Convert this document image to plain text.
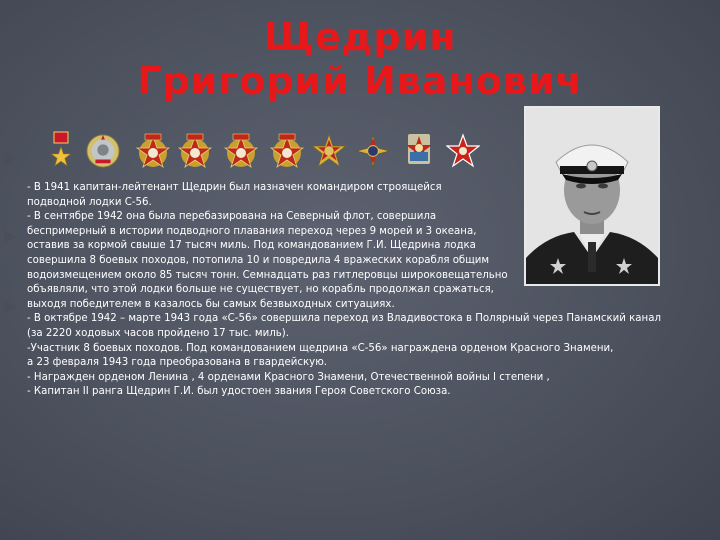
Щедрин
Григорий Иванович

- В 1941 капитан-лейтенант Щедрин был назначен командиром строящейся

подводной лодки С-56.

- В сентябре 1942 она была перебазирована на Северный флот, совершила

беспримерный в истории подводного плавания переход через 9 морей и 3 океана,

оставив за кормой свыше 17 тысяч миль. Под командованием Г.И. Щедрина лодка

совершила 8 боевых походов, потопила 10 и повредила 4 вражеских корабля общим

водоизмещением около 85 тысяч тонн. Семнадцать раз гитлеровцы широковещательно

объявляли, что этой лодки больше не существует, но корабль продолжал сражаться,

выходя победителем в казалось бы самых безвыходных ситуациях.

- В октябре 1942 – марте 1943 года «С-56» совершила переход из Владивостока в Полярный через Панамский канал

(за 2220 ходовых часов пройдено 17 тыс. миль).

-Участник 8 боевых походов. Под командованием щедрина «С-56» награждена орденом Красного Знамени,

а 23 февраля 1943 года преобразована в гвардейскую.

- Награжден орденом Ленина , 4 орденами Красного Знамени, Отечественной войны I степени ,

- Капитан II ранга Щедрин Г.И. был удостоен звания Героя Советского Союза.
